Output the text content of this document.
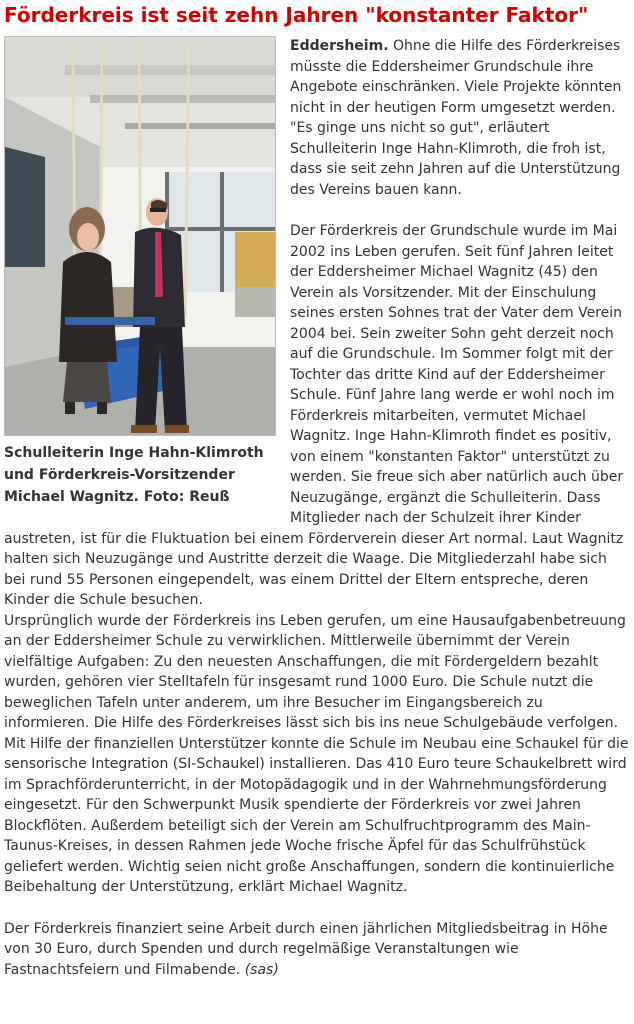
Förderkreis ist seit zehn Jahren "konstanter Faktor"
Schulleiterin Inge Hahn-Klimroth und Förderkreis-Vorsitzender Michael Wagnitz. Foto: Reuß

Eddersheim. Ohne die Hilfe des Förderkreises müsste die Eddersheimer Grundschule ihre Angebote einschränken. Viele Projekte könnten nicht in der heutigen Form umgesetzt werden. "Es ginge uns nicht so gut", erläutert Schulleiterin Inge Hahn-Klimroth, die froh ist, dass sie seit zehn Jahren auf die Unterstützung des Vereins bauen kann.

Der Förderkreis der Grundschule wurde im Mai 2002 ins Leben gerufen. Seit fünf Jahren leitet der Eddersheimer Michael Wagnitz (45) den Verein als Vorsitzender. Mit der Einschulung seines ersten Sohnes trat der Vater dem Verein 2004 bei. Sein zweiter Sohn geht derzeit noch auf die Grundschule. Im Sommer folgt mit der Tochter das dritte Kind auf der Eddersheimer Schule. Fünf Jahre lang werde er wohl noch im Förderkreis mitarbeiten, vermutet Michael Wagnitz. Inge Hahn-Klimroth findet es positiv, von einem "konstanten Faktor" unterstützt zu werden. Sie freue sich aber natürlich auch über Neuzugänge, ergänzt die Schulleiterin. Dass Mitglieder nach der Schulzeit ihrer Kinder austreten, ist für die Fluktuation bei einem Förderverein dieser Art normal. Laut Wagnitz halten sich Neuzugänge und Austritte derzeit die Waage. Die Mitgliederzahl habe sich bei rund 55 Personen eingependelt, was einem Drittel der Eltern entspreche, deren Kinder die Schule besuchen.

Ursprünglich wurde der Förderkreis ins Leben gerufen, um eine Hausaufgabenbetreuung an der Eddersheimer Schule zu verwirklichen. Mittlerweile übernimmt der Verein vielfältige Aufgaben: Zu den neuesten Anschaffungen, die mit Fördergeldern bezahlt wurden, gehören vier Stelltafeln für insgesamt rund 1000 Euro. Die Schule nutzt die beweglichen Tafeln unter anderem, um ihre Besucher im Eingangsbereich zu informieren. Die Hilfe des Förderkreises lässt sich bis ins neue Schulgebäude verfolgen. Mit Hilfe der finanziellen Unterstützer konnte die Schule im Neubau eine Schaukel für die sensorische Integration (SI-Schaukel) installieren. Das 410 Euro teure Schaukelbrett wird im Sprachförderunterricht, in der Motopädagogik und in der Wahrnehmungsförderung eingesetzt. Für den Schwerpunkt Musik spendierte der Förderkreis vor zwei Jahren Blockflöten. Außerdem beteiligt sich der Verein am Schulfruchtprogramm des Main-Taunus-Kreises, in dessen Rahmen jede Woche frische Äpfel für das Schulfrühstück geliefert werden. Wichtig seien nicht große Anschaffungen, sondern die kontinuierliche Beibehaltung der Unterstützung, erklärt Michael Wagnitz.

Der Förderkreis finanziert seine Arbeit durch einen jährlichen Mitgliedsbeitrag in Höhe von 30 Euro, durch Spenden und durch regelmäßige Veranstaltungen wie Fastnachtsfeiern und Filmabende. (sas)
